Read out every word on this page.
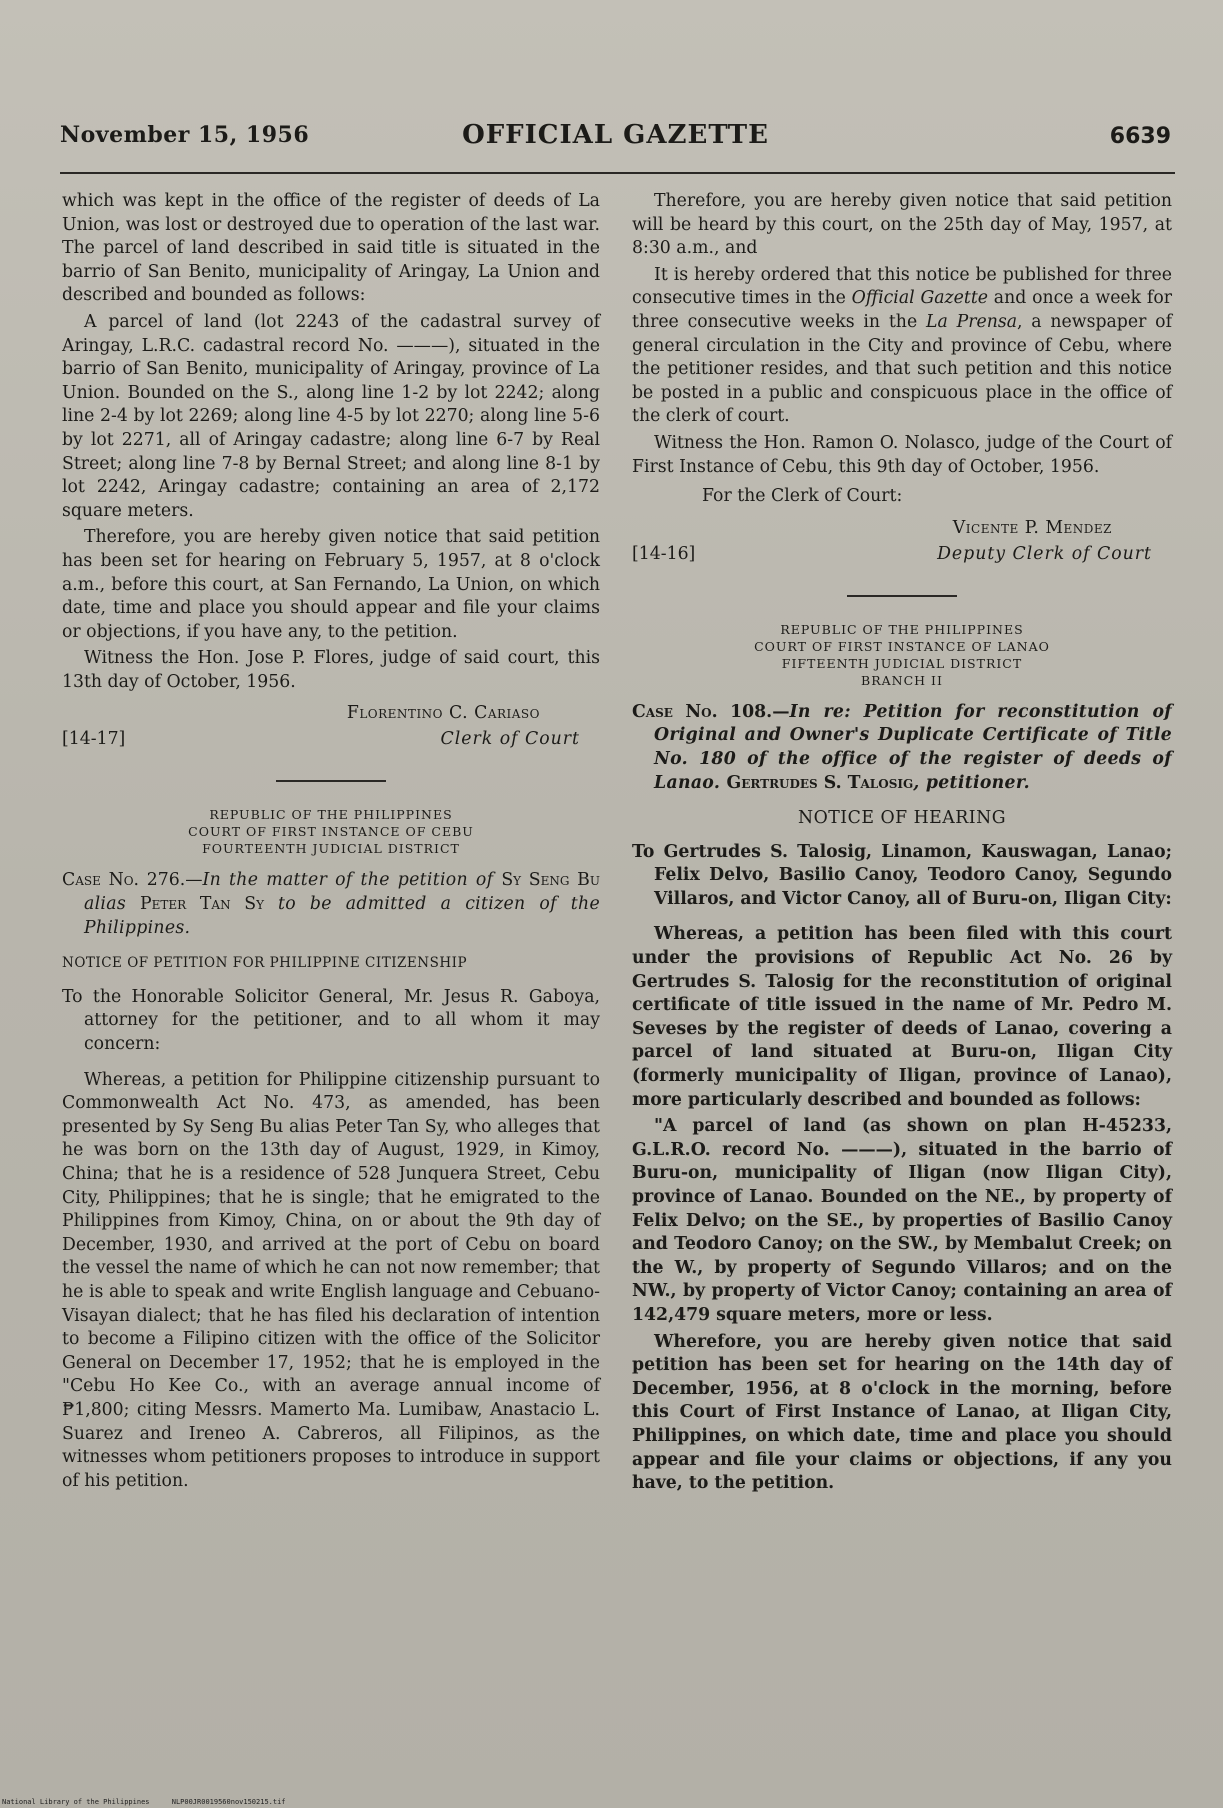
November 15, 1956	OFFICIAL GAZETTE	6639

which was kept in the office of the register of deeds of La Union, was lost or destroyed due to operation of the last war. The parcel of land described in said title is situated in the barrio of San Benito, municipality of Aringay, La Union and described and bounded as follows:

A parcel of land (lot 2243 of the cadastral survey of Aringay, L.R.C. cadastral record No. ———), situated in the barrio of San Benito, municipality of Aringay, province of La Union. Bounded on the S., along line 1-2 by lot 2242; along line 2-4 by lot 2269; along line 4-5 by lot 2270; along line 5-6 by lot 2271, all of Aringay cadastre; along line 6-7 by Real Street; along line 7-8 by Bernal Street; and along line 8-1 by lot 2242, Aringay cadastre; containing an area of 2,172 square meters.

Therefore, you are hereby given notice that said petition has been set for hearing on February 5, 1957, at 8 o'clock a.m., before this court, at San Fernando, La Union, on which date, time and place you should appear and file your claims or objections, if you have any, to the petition.

Witness the Hon. Jose P. Flores, judge of said court, this 13th day of October, 1956.

[14-17]
Florentino C. Cariaso
Clerk of Court
REPUBLIC OF THE PHILIPPINES
COURT OF FIRST INSTANCE OF CEBU
FOURTEENTH JUDICIAL DISTRICT
Case No. 276.—In the matter of the petition of Sy Seng Bu alias Peter Tan Sy to be admitted a citizen of the Philippines.
NOTICE OF PETITION FOR PHILIPPINE CITIZENSHIP
To the Honorable Solicitor General, Mr. Jesus R. Gaboya, attorney for the petitioner, and to all whom it may concern:

Whereas, a petition for Philippine citizenship pursuant to Commonwealth Act No. 473, as amended, has been presented by Sy Seng Bu alias Peter Tan Sy, who alleges that he was born on the 13th day of August, 1929, in Kimoy, China; that he is a residence of 528 Junquera Street, Cebu City, Philippines; that he is single; that he emigrated to the Philippines from Kimoy, China, on or about the 9th day of December, 1930, and arrived at the port of Cebu on board the vessel the name of which he can not now remember; that he is able to speak and write English language and Cebuano-Visayan dialect; that he has filed his declaration of intention to become a Filipino citizen with the office of the Solicitor General on December 17, 1952; that he is employed in the "Cebu Ho Kee Co., with an average annual income of ₱1,800; citing Messrs. Mamerto Ma. Lumibaw, Anastacio L. Suarez and Ireneo A. Cabreros, all Filipinos, as the witnesses whom petitioners proposes to introduce in support of his petition.

Therefore, you are hereby given notice that said petition will be heard by this court, on the 25th day of May, 1957, at 8:30 a.m., and

It is hereby ordered that this notice be published for three consecutive times in the Official Gazette and once a week for three consecutive weeks in the La Prensa, a newspaper of general circulation in the City and province of Cebu, where the petitioner resides, and that such petition and this notice be posted in a public and conspicuous place in the office of the clerk of court.

Witness the Hon. Ramon O. Nolasco, judge of the Court of First Instance of Cebu, this 9th day of October, 1956.

For the Clerk of Court:

[14-16]
Vicente P. Mendez
Deputy Clerk of Court
REPUBLIC OF THE PHILIPPINES
COURT OF FIRST INSTANCE OF LANAO
FIFTEENTH JUDICIAL DISTRICT
BRANCH II
Case No. 108.—In re: Petition for reconstitution of Original and Owner's Duplicate Certificate of Title No. 180 of the office of the register of deeds of Lanao. Gertrudes S. Talosig, petitioner.
NOTICE OF HEARING
To Gertrudes S. Talosig, Linamon, Kauswagan, Lanao; Felix Delvo, Basilio Canoy, Teodoro Canoy, Segundo Villaros, and Victor Canoy, all of Buru-on, Iligan City:

Whereas, a petition has been filed with this court under the provisions of Republic Act No. 26 by Gertrudes S. Talosig for the reconstitution of original certificate of title issued in the name of Mr. Pedro M. Seveses by the register of deeds of Lanao, covering a parcel of land situated at Buru-on, Iligan City (formerly municipality of Iligan, province of Lanao), more particularly described and bounded as follows:

"A parcel of land (as shown on plan H-45233, G.L.R.O. record No. ———), situated in the barrio of Buru-on, municipality of Iligan (now Iligan City), province of Lanao. Bounded on the NE., by property of Felix Delvo; on the SE., by properties of Basilio Canoy and Teodoro Canoy; on the SW., by Membalut Creek; on the W., by property of Segundo Villaros; and on the NW., by property of Victor Canoy; containing an area of 142,479 square meters, more or less.

Wherefore, you are hereby given notice that said petition has been set for hearing on the 14th day of December, 1956, at 8 o'clock in the morning, before this Court of First Instance of Lanao, at Iligan City, Philippines, on which date, time and place you should appear and file your claims or objections, if any you have, to the petition.

National Library of the Philippines	NLP00JR0019560nov150215.tif
